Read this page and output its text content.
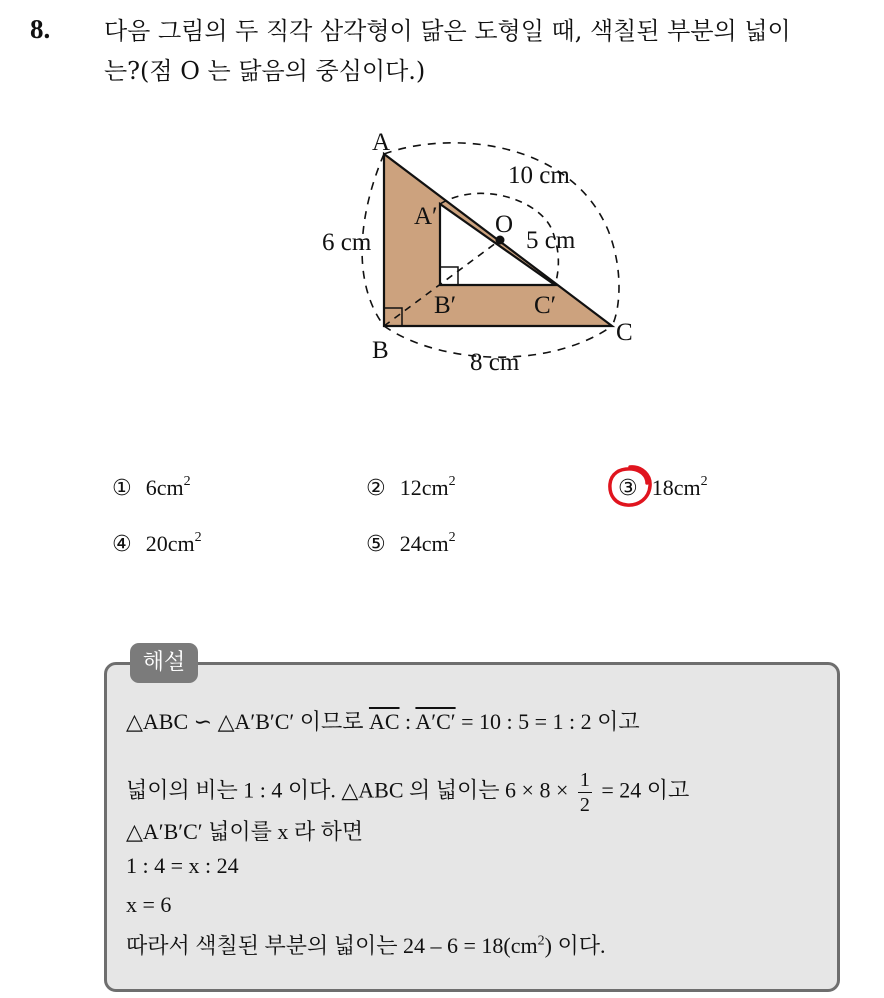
8. 다음 그림의 두 직각 삼각형이 닮은 도형일 때, 색칠된 부분의 넓이
는?(점 O 는 닮음의 중심이다.)
A
B
C
A′
B′	C′
O
10 cm
6 cm
8 cm
5 cm
① $6cm^2$	② $12cm^2$	③ $18cm^2$
④ $20cm^2$	⑤ $24cm^2$
해설
△ABC ∽ △A′B′C′ 이므로 $\overline{AC}$ : A′C′ = 10 : 5 = 1 : 2 이고
넓이의 비는 1 : 4 이다. △ABC 의 넓이는 $6 \times 8 \times \frac{1}{2} = 24$ 이고
△A′B′C′ 넓이를 x 라 하면
1 : 4 = x : 24
x = 6
따라서 색칠된 부분의 넓이는 $24 - 6 = 18(cm^2)$ 이다.
